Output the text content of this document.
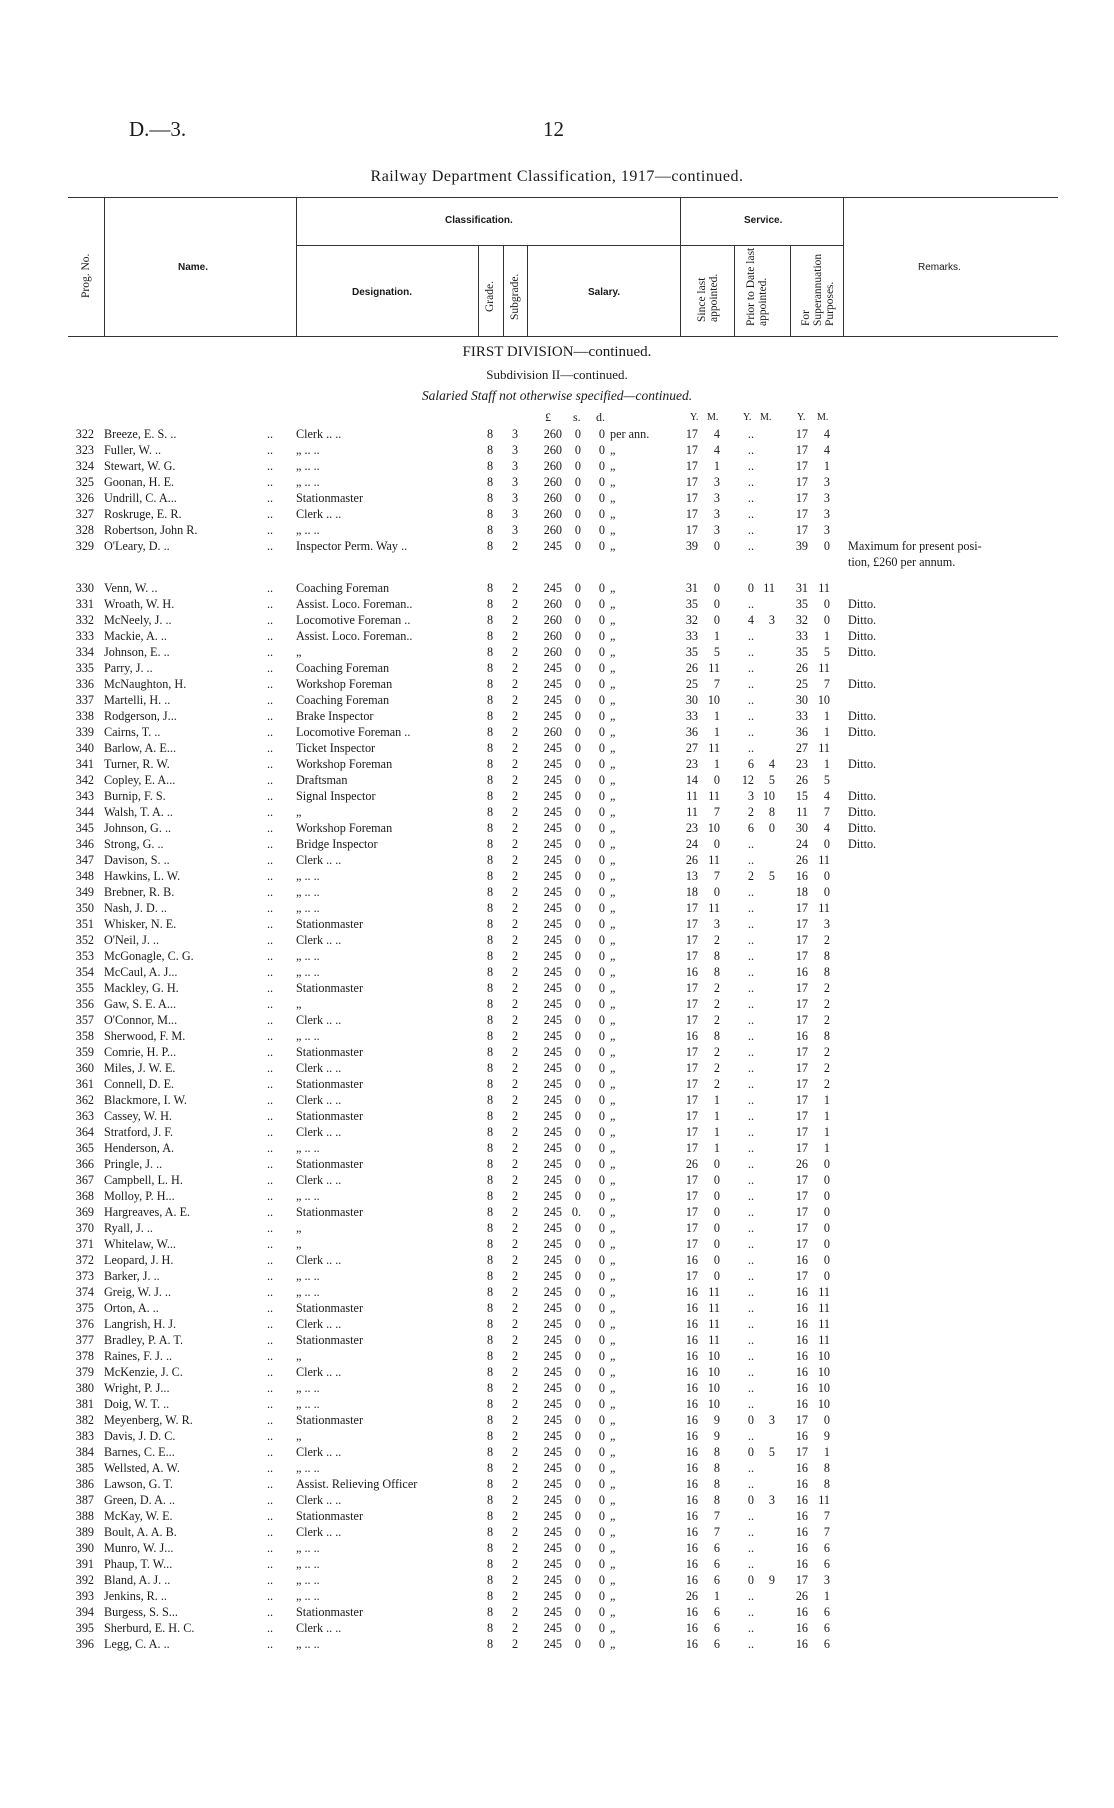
D.—3.	12
Railway Department Classification, 1917—continued.
Prog. No.	Name.
Classification.
Designation.	Grade. Subgrade.	Salary.
Service.
Since last appointed. Prior to Date last appointed.	For Superannuation Purposes.
Remarks.
FIRST DIVISION—continued.
Subdivision II—continued.
Salaried Staff not otherwise specified—continued.
£ s. d.	Y. M. Y. M.	Y. M.
322 Breeze, E. S. ..	.. Clerk .. ..	8 3	260	0	0 per ann.	17	4	..	17	4
323 Fuller, W. ..	.. „ .. ..	8 3	260	0	0 „	17	4	..	17	4
324 Stewart, W. G.	.. „ .. ..	8 3	260	0	0 „	17	1	..	17	1
325 Goonan, H. E.	.. „ .. ..	8 3	260	0	0 „	17	3	..	17	3
326 Undrill, C. A...	.. Stationmaster	8 3	260	0	0 „	17	3	..	17	3
327 Roskruge, E. R.	.. Clerk .. ..	8 3	260	0	0 „	17	3	..	17	3
328 Robertson, John R.	.. „ .. ..	8 3	260	0	0 „	17	3	..	17	3
329 O'Leary, D. ..	.. Inspector Perm. Way ..	8 2	245	0	0 „	39	0	..	39	0 Maximum for present posi-
tion, £260 per annum.
330 Venn, W. ..	.. Coaching Foreman	8 2	245	0	0 „	31	0	0 11	31 11
331 Wroath, W. H.	.. Assist. Loco. Foreman..	8 2	260	0	0 „	35	0	..	35	0 Ditto.
332 McNeely, J. ..	.. Locomotive Foreman ..	8 2	260	0	0 „	32	0	4	3	32	0 Ditto.
333 Mackie, A. ..	.. Assist. Loco. Foreman..	8 2	260	0	0 „	33	1	..	33	1 Ditto.
334 Johnson, E. ..	.. „	8 2	260	0	0 „	35	5	..	35	5 Ditto.
335 Parry, J. ..	.. Coaching Foreman	8 2	245	0	0 „	26 11	..	26 11
336 McNaughton, H.	.. Workshop Foreman	8 2	245	0	0 „	25	7	..	25	7 Ditto.
337 Martelli, H. ..	.. Coaching Foreman	8 2	245	0	0 „	30 10	..	30 10
338 Rodgerson, J...	.. Brake Inspector	8 2	245	0	0 „	33	1	..	33	1 Ditto.
339 Cairns, T. ..	.. Locomotive Foreman ..	8 2	260	0	0 „	36	1	..	36	1 Ditto.
340 Barlow, A. E...	.. Ticket Inspector	8 2	245	0	0 „	27 11	..	27 11
341 Turner, R. W.	.. Workshop Foreman	8 2	245	0	0 „	23	1	6	4	23	1 Ditto.
342 Copley, E. A...	.. Draftsman	8 2	245	0	0 „	14	0 12	5	26	5
343 Burnip, F. S.	.. Signal Inspector	8 2	245	0	0 „	11 11	3 10	15	4 Ditto.
344 Walsh, T. A. ..	.. „	8 2	245	0	0 „	11	7	2	8	11	7 Ditto.
345 Johnson, G. ..	.. Workshop Foreman	8 2	245	0	0 „	23 10	6	0	30	4 Ditto.
346 Strong, G. ..	.. Bridge Inspector	8 2	245	0	0 „	24	0	..	24	0 Ditto.
347 Davison, S. ..	.. Clerk .. ..	8 2	245	0	0 „	26 11	..	26 11
348 Hawkins, L. W.	.. „ .. ..	8 2	245	0	0 „	13	7	2	5	16	0
349 Brebner, R. B.	.. „ .. ..	8 2	245	0	0 „	18	0	..	18	0
350 Nash, J. D. ..	.. „ .. ..	8 2	245	0	0 „	17 11	..	17 11
351 Whisker, N. E.	.. Stationmaster	8 2	245	0	0 „	17	3	..	17	3
352 O'Neil, J. ..	.. Clerk .. ..	8 2	245	0	0 „	17	2	..	17	2
353 McGonagle, C. G.	.. „ .. ..	8 2	245	0	0 „	17	8	..	17	8
354 McCaul, A. J...	.. „ .. ..	8 2	245	0	0 „	16	8	..	16	8
355 Mackley, G. H.	.. Stationmaster	8 2	245	0	0 „	17	2	..	17	2
356 Gaw, S. E. A...	.. „	8 2	245	0	0 „	17	2	..	17	2
357 O'Connor, M...	.. Clerk .. ..	8 2	245	0	0 „	17	2	..	17	2
358 Sherwood, F. M.	.. „ .. ..	8 2	245	0	0 „	16	8	..	16	8
359 Comrie, H. P...	.. Stationmaster	8 2	245	0	0 „	17	2	..	17	2
360 Miles, J. W. E.	.. Clerk .. ..	8 2	245	0	0 „	17	2	..	17	2
361 Connell, D. E.	.. Stationmaster	8 2	245	0	0 „	17	2	..	17	2
362 Blackmore, I. W.	.. Clerk .. ..	8 2	245	0	0 „	17	1	..	17	1
363 Cassey, W. H.	.. Stationmaster	8 2	245	0	0 „	17	1	..	17	1
364 Stratford, J. F.	.. Clerk .. ..	8 2	245	0	0 „	17	1	..	17	1
365 Henderson, A.	.. „ .. ..	8 2	245	0	0 „	17	1	..	17	1
366 Pringle, J. ..	.. Stationmaster	8 2	245	0	0 „	26	0	..	26	0
367 Campbell, L. H.	.. Clerk .. ..	8 2	245	0	0 „	17	0	..	17	0
368 Molloy, P. H...	.. „ .. ..	8 2	245	0	0 „	17	0	..	17	0
369 Hargreaves, A. E.	.. Stationmaster	8 2	245 0.	0 „	17	0	..	17	0
370 Ryall, J. ..	.. „	8 2	245	0	0 „	17	0	..	17	0
371 Whitelaw, W...	.. „	8 2	245	0	0 „	17	0	..	17	0
372 Leopard, J. H.	.. Clerk .. ..	8 2	245	0	0 „	16	0	..	16	0
373 Barker, J. ..	.. „ .. ..	8 2	245	0	0 „	17	0	..	17	0
374 Greig, W. J. ..	.. „ .. ..	8 2	245	0	0 „	16 11	..	16 11
375 Orton, A. ..	.. Stationmaster	8 2	245	0	0 „	16 11	..	16 11
376 Langrish, H. J.	.. Clerk .. ..	8 2	245	0	0 „	16 11	..	16 11
377 Bradley, P. A. T.	.. Stationmaster	8 2	245	0	0 „	16 11	..	16 11
378 Raines, F. J. ..	.. „	8 2	245	0	0 „	16 10	..	16 10
379 McKenzie, J. C.	.. Clerk .. ..	8 2	245	0	0 „	16 10	..	16 10
380 Wright, P. J...	.. „ .. ..	8 2	245	0	0 „	16 10	..	16 10
381 Doig, W. T. ..	.. „ .. ..	8 2	245	0	0 „	16 10	..	16 10
382 Meyenberg, W. R.	.. Stationmaster	8 2	245	0	0 „	16	9	0	3	17	0
383 Davis, J. D. C.	.. „	8 2	245	0	0 „	16	9	..	16	9
384 Barnes, C. E...	.. Clerk .. ..	8 2	245	0	0 „	16	8	0	5	17	1
385 Wellsted, A. W.	.. „ .. ..	8 2	245	0	0 „	16	8	..	16	8
386 Lawson, G. T.	.. Assist. Relieving Officer	8 2	245	0	0 „	16	8	..	16	8
387 Green, D. A. ..	.. Clerk .. ..	8 2	245	0	0 „	16	8	0	3	16 11
388 McKay, W. E.	.. Stationmaster	8 2	245	0	0 „	16	7	..	16	7
389 Boult, A. A. B.	.. Clerk .. ..	8 2	245	0	0 „	16	7	..	16	7
390 Munro, W. J...	.. „ .. ..	8 2	245	0	0 „	16	6	..	16	6
391 Phaup, T. W...	.. „ .. ..	8 2	245	0	0 „	16	6	..	16	6
392 Bland, A. J. ..	.. „ .. ..	8 2	245	0	0 „	16	6	0	9	17	3
393 Jenkins, R. ..	.. „ .. ..	8 2	245	0	0 „	26	1	..	26	1
394 Burgess, S. S...	.. Stationmaster	8 2	245	0	0 „	16	6	..	16	6
395 Sherburd, E. H. C.	.. Clerk .. ..	8 2	245	0	0 „	16	6	..	16	6
396 Legg, C. A. ..	.. „ .. ..	8 2	245	0	0 „	16	6	..	16	6
